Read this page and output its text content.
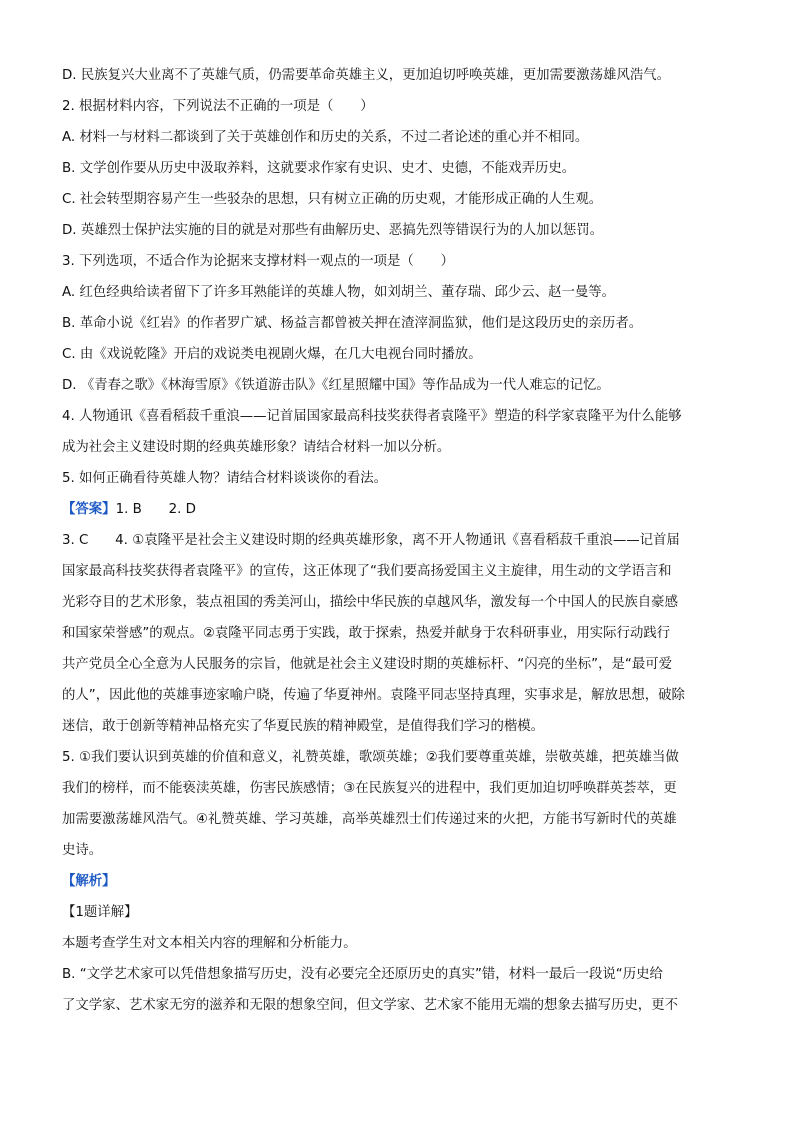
D. 民族复兴大业离不了英雄气质，仍需要革命英雄主义，更加迫切呼唤英雄，更加需要激荡雄风浩气。

2. 根据材料内容，下列说法不正确的一项是（　　）

A. 材料一与材料二都谈到了关于英雄创作和历史的关系，不过二者论述的重心并不相同。

B. 文学创作要从历史中汲取养料，这就要求作家有史识、史才、史德，不能戏弄历史。

C. 社会转型期容易产生一些驳杂的思想，只有树立正确的历史观，才能形成正确的人生观。

D. 英雄烈士保护法实施的目的就是对那些有曲解历史、恶搞先烈等错误行为的人加以惩罚。

3. 下列选项，不适合作为论据来支撑材料一观点的一项是（　　）

A. 红色经典给读者留下了许多耳熟能详的英雄人物，如刘胡兰、董存瑞、邱少云、赵一曼等。

B. 革命小说《红岩》的作者罗广斌、杨益言都曾被关押在渣滓洞监狱，他们是这段历史的亲历者。

C. 由《戏说乾隆》开启的戏说类电视剧火爆，在几大电视台同时播放。

D. 《青春之歌》《林海雪原》《铁道游击队》《红星照耀中国》等作品成为一代人难忘的记忆。

4. 人物通讯《喜看稻菽千重浪——记首届国家最高科技奖获得者袁隆平》塑造的科学家袁隆平为什么能够

成为社会主义建设时期的经典英雄形象？请结合材料一加以分析。

5. 如何正确看待英雄人物？请结合材料谈谈你的看法。

【答案】1. B　　2. D

3. C　　4. ①袁隆平是社会主义建设时期的经典英雄形象，离不开人物通讯《喜看稻菽千重浪——记首届

国家最高科技奖获得者袁隆平》的宣传，这正体现了“我们要高扬爱国主义主旋律，用生动的文学语言和

光彩夺目的艺术形象，装点祖国的秀美河山，描绘中华民族的卓越风华，激发每一个中国人的民族自豪感

和国家荣誉感”的观点。②袁隆平同志勇于实践，敢于探索，热爱并献身于农科研事业，用实际行动践行

共产党员全心全意为人民服务的宗旨，他就是社会主义建设时期的英雄标杆、“闪亮的坐标”，是“最可爱

的人”，因此他的英雄事迹家喻户晓，传遍了华夏神州。袁隆平同志坚持真理，实事求是，解放思想，破除

迷信，敢于创新等精神品格充实了华夏民族的精神殿堂，是值得我们学习的楷模。

5. ①我们要认识到英雄的价值和意义，礼赞英雄，歌颂英雄；②我们要尊重英雄，崇敬英雄，把英雄当做

我们的榜样，而不能亵渎英雄，伤害民族感情；③在民族复兴的进程中，我们更加迫切呼唤群英荟萃，更

加需要激荡雄风浩气。④礼赞英雄、学习英雄，高举英雄烈士们传递过来的火把，方能书写新时代的英雄

史诗。

【解析】

【1题详解】

本题考查学生对文本相关内容的理解和分析能力。

B. “文学艺术家可以凭借想象描写历史，没有必要完全还原历史的真实”错，材料一最后一段说“历史给

了文学家、艺术家无穷的滋养和无限的想象空间，但文学家、艺术家不能用无端的想象去描写历史，更不
